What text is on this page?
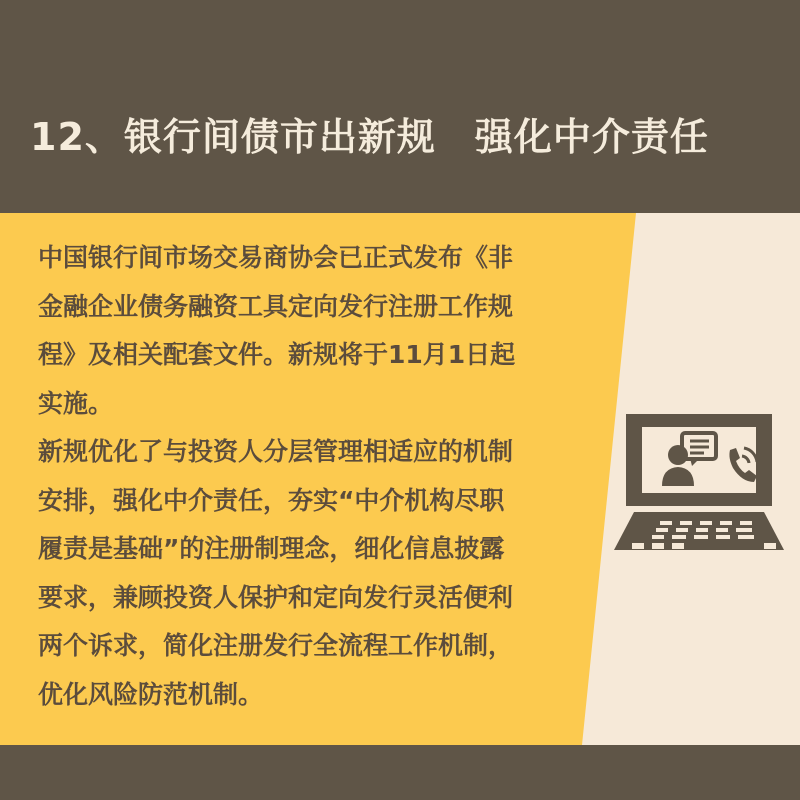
12、银行间债市出新规　强化中介责任
中国银行间市场交易商协会已正式发布《非
金融企业债务融资工具定向发行注册工作规
程》及相关配套文件。新规将于11月1日起
实施。
新规优化了与投资人分层管理相适应的机制
安排，强化中介责任，夯实“中介机构尽职
履责是基础”的注册制理念，细化信息披露
要求，兼顾投资人保护和定向发行灵活便利
两个诉求，简化注册发行全流程工作机制，
优化风险防范机制。
